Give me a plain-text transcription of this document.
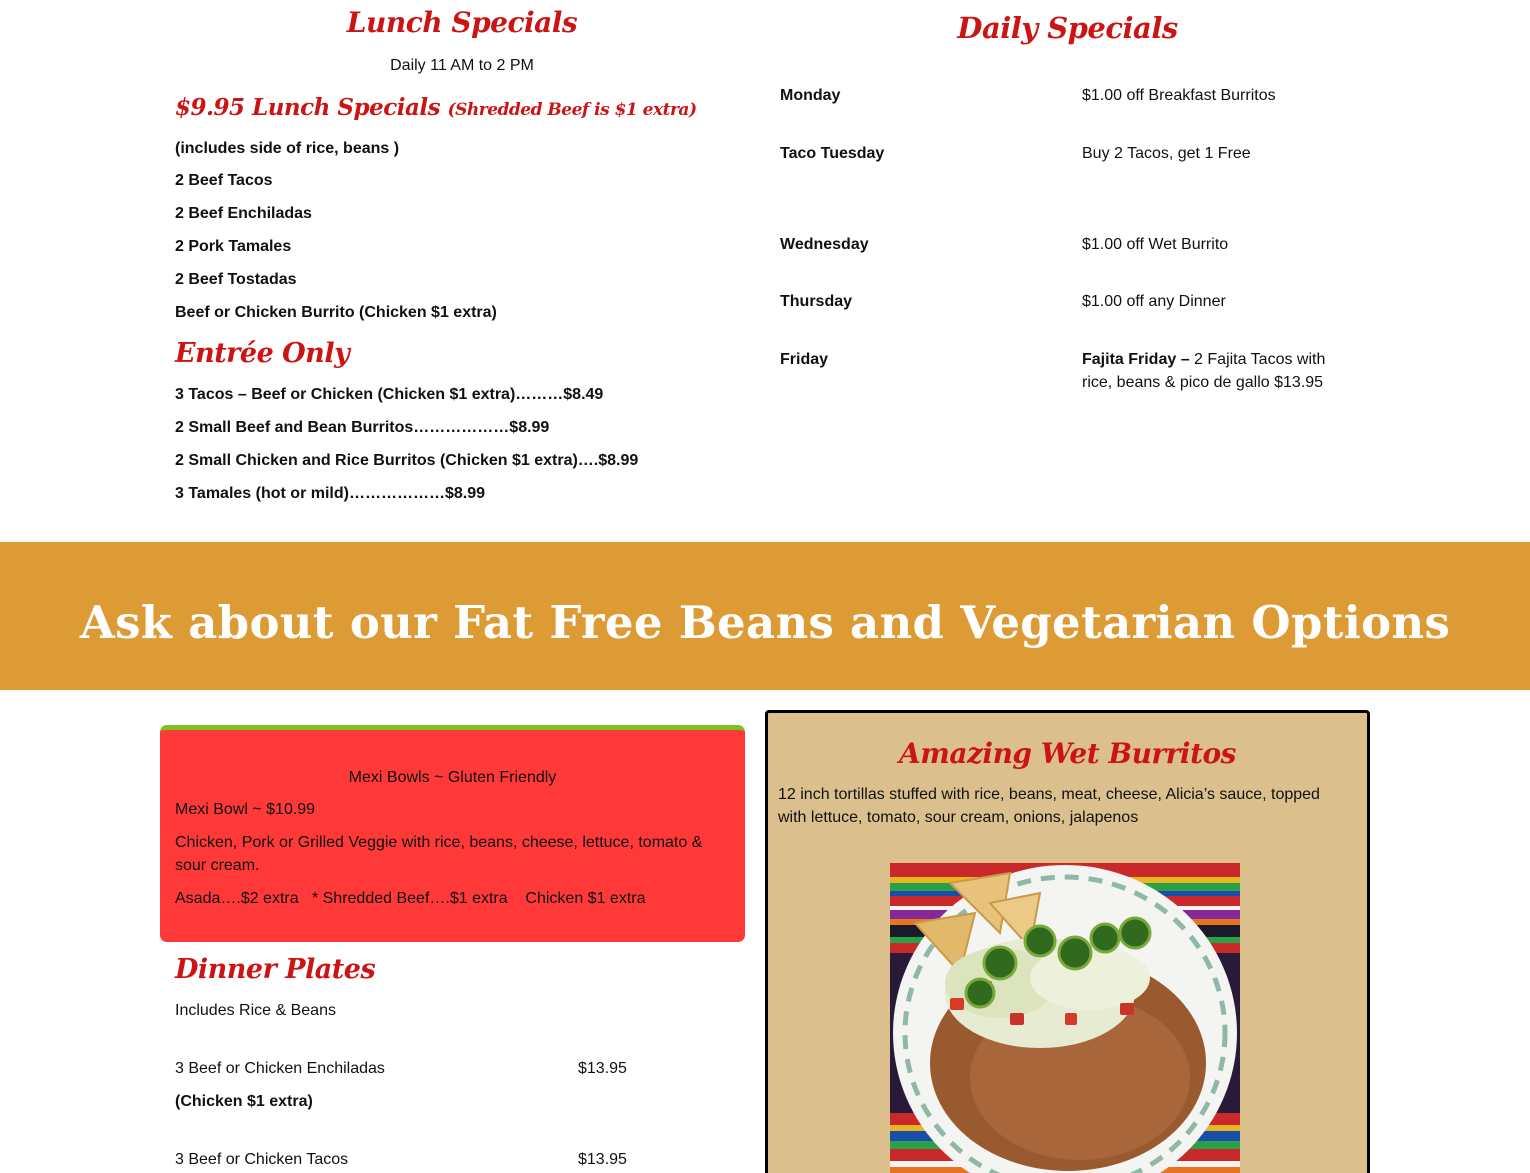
Lunch Specials
Daily 11 AM to 2 PM
$9.95 Lunch Specials (Shredded Beef is $1 extra)
(includes side of rice, beans )
2 Beef Tacos
2 Beef Enchiladas
2 Pork Tamales
2 Beef Tostadas
Beef or Chicken Burrito (Chicken $1 extra)
Entrée Only
3 Tacos – Beef or Chicken (Chicken $1 extra)………$8.49
2 Small Beef and Bean Burritos………………$8.99
2 Small Chicken and Rice Burritos (Chicken $1 extra)….$8.99
3 Tamales (hot or mild)………………$8.99
Daily Specials
Monday	$1.00 off Breakfast Burritos
Taco Tuesday	Buy 2 Tacos, get 1 Free
Wednesday	$1.00 off Wet Burrito
Thursday	$1.00 off any Dinner
Friday	Fajita Friday – 2 Fajita Tacos with rice, beans & pico de gallo $13.95
Ask about our Fat Free Beans and Vegetarian Options
Mexi Bowls ~ Gluten Friendly
Mexi Bowl ~ $10.99
Chicken, Pork or Grilled Veggie with rice, beans, cheese, lettuce, tomato & sour cream.
Asada….$2 extra   * Shredded Beef….$1 extra    Chicken $1 extra
Dinner Plates
Includes Rice & Beans
3 Beef or Chicken Enchiladas	$13.95
(Chicken $1 extra)
3 Beef or Chicken Tacos	$13.95
Amazing Wet Burritos
12 inch tortillas stuffed with rice, beans, meat, cheese, Alicia’s sauce, topped with lettuce, tomato, sour cream, onions, jalapenos
